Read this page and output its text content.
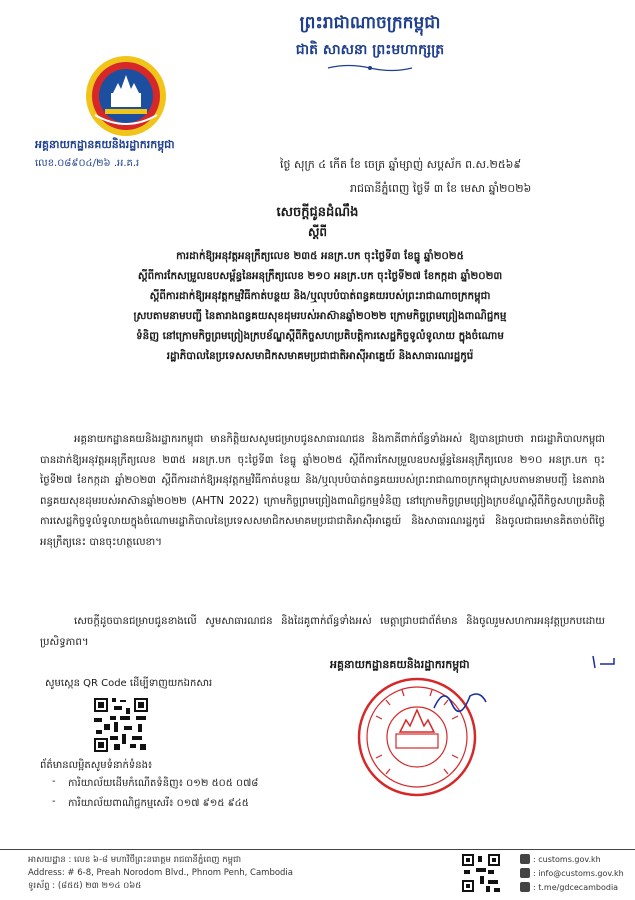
ព្រះរាជាណាចក្រកម្ពុជា
ជាតិ សាសនា ព្រះមហាក្សត្រ
អគ្គនាយកដ្ឋានគយនិងរដ្ឋាករកម្ពុជា
លេខ.០៨៩០៤/២៦ .អ.គ.រ	ថ្ងៃ សុក្រ ៤ កើត ខែ ចេត្រ ឆ្នាំម្សាញ់ សប្តស័ក ព.ស.២៥៦៩
រាជធានីភ្នំពេញ ថ្ងៃទី ៣ ខែ មេសា ឆ្នាំ២០២៦
សេចក្តីជូនដំណឹង
ស្តីពី
ការដាក់ឱ្យអនុវត្តអនុក្រឹត្យលេខ ២៣៥ អនក្រ.បក ចុះថ្ងៃទី៣ ខែធ្នូ ឆ្នាំ២០២៥
ស្តីពីការកែសម្រួលឧបសម្ព័ន្ធនៃអនុក្រឹត្យលេខ ២១០ អនក្រ.បក ចុះថ្ងៃទី២៧ ខែកក្កដា ឆ្នាំ២០២៣
ស្តីពីការដាក់ឱ្យអនុវត្តកម្មវិធីកាត់បន្ថយ និង/ឬលុបបំបាត់ពន្ធគយរបស់ព្រះរាជាណាចក្រកម្ពុជា
ស្របតាមនាមបញ្ជី នៃតារាងពន្ធគយសុខដុមរបស់អាស៊ានឆ្នាំ២០២២ ក្រោមកិច្ចព្រមព្រៀងពាណិជ្ជកម្ម
ទំនិញ នៅក្រោមកិច្ចព្រមព្រៀងក្របខ័ណ្ឌស្តីពីកិច្ចសហប្រតិបត្តិការសេដ្ឋកិច្ចទូលំទូលាយ ក្នុងចំណោម
រដ្ឋាភិបាលនៃប្រទេសសមាជិកសមាគមប្រជាជាតិអាស៊ីអាគ្នេយ៍ និងសាធារណរដ្ឋកូរ៉េ
អគ្គនាយកដ្ឋានគយនិងរដ្ឋាករកម្ពុជា មានកិត្តិយសសូមជម្រាបជូនសាធារណជន និងភាគីពាក់ព័ន្ធទាំងអស់ ឱ្យបានជ្រាបថា រាជរដ្ឋាភិបាលកម្ពុជាបានដាក់ឱ្យអនុវត្តអនុក្រឹត្យលេខ ២៣៥ អនក្រ.បក ចុះថ្ងៃទី៣ ខែធ្នូ ឆ្នាំ២០២៥ ស្តីពីការកែសម្រួលឧបសម្ព័ន្ធនៃអនុក្រឹត្យលេខ ២១០ អនក្រ.បក ចុះថ្ងៃទី២៧ ខែកក្កដា ឆ្នាំ២០២៣ ស្តីពីការដាក់ឱ្យអនុវត្តកម្មវិធីកាត់បន្ថយ និង/ឬលុបបំបាត់ពន្ធគយរបស់ព្រះរាជាណាចក្រកម្ពុជាស្របតាមនាមបញ្ជី នៃតារាងពន្ធគយសុខដុមរបស់អាស៊ានឆ្នាំ២០២២ (AHTN 2022) ក្រោមកិច្ចព្រមព្រៀងពាណិជ្ជកម្មទំនិញ នៅក្រោមកិច្ចព្រមព្រៀងក្របខ័ណ្ឌស្តីពីកិច្ចសហប្រតិបត្តិការសេដ្ឋកិច្ចទូលំទូលាយក្នុងចំណោមរដ្ឋាភិបាលនៃប្រទេសសមាជិកសមាគមប្រជាជាតិអាស៊ីអាគ្នេយ៍ និងសាធារណរដ្ឋកូរ៉េ និងចូលជាធរមានគិតចាប់ពីថ្ងៃអនុក្រឹត្យនេះ បានចុះហត្ថលេខា។
សេចក្តីដូចបានជម្រាបជូនខាងលើ សូមសាធារណជន និងដៃគូពាក់ព័ន្ធទាំងអស់ មេត្តាជ្រាបជាព័ត៌មាន និងចូលរួមសហការអនុវត្តប្រកបដោយប្រសិទ្ធភាព។
អគ្គនាយកដ្ឋានគយនិងរដ្ឋាករកម្ពុជា
សូមស្កេន QR Code ដើម្បីទាញយកឯកសារ
ព័ត៌មានលម្អិតសូមទំនាក់ទំនង៖
- ការិយាល័យដើមកំណើតទំនិញ៖ ០១២ ៥០៥ ០៧៨
- ការិយាល័យពាណិជ្ជកម្មសេរី៖ ០១៧ ៩១៥ ៩៤៥
អាសយដ្ឋាន : លេខ ៦-៨ មហាវិថីព្រះនរោត្តម រាជធានីភ្នំពេញ កម្ពុជា
Address: # 6-8, Preah Norodom Blvd., Phnom Penh, Cambodia
ទូរស័ព្ទ : (៨៥៥) ២៣ ២១៤ ០៦៥
: customs.gov.kh
: info@customs.gov.kh
: t.me/gdcecambodia
